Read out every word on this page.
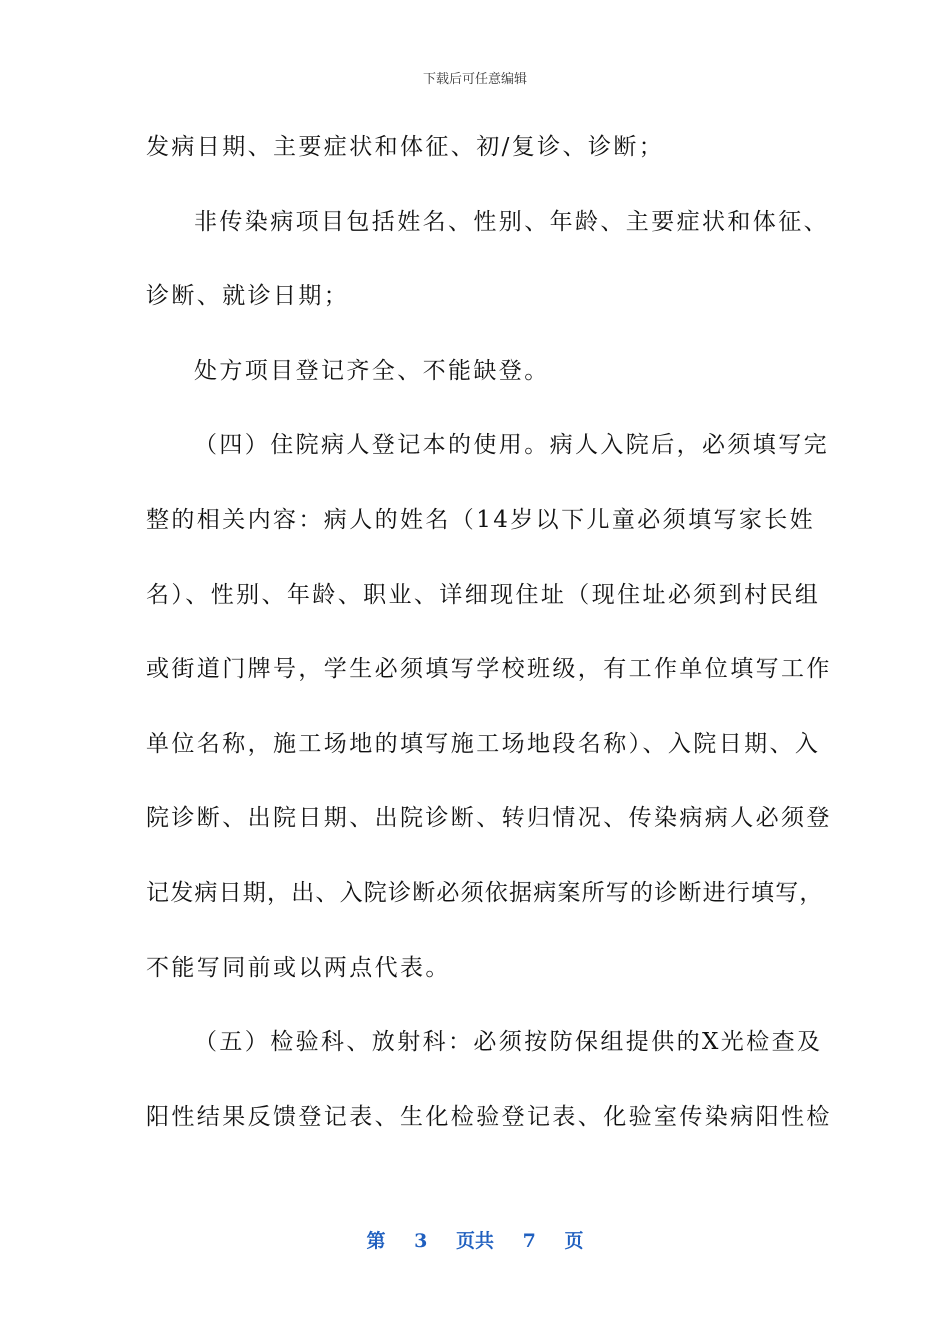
下载后可任意编辑
发病日期、主要症状和体征、初/复诊、诊断；
非传染病项目包括姓名、性别、年龄、主要症状和体征、
诊断、就诊日期；
处方项目登记齐全、不能缺登。
（四）住院病人登记本的使用。病人入院后，必须填写完
整的相关内容：病人的姓名（14岁以下儿童必须填写家长姓
名）、性别、年龄、职业、详细现住址（现住址必须到村民组
或街道门牌号，学生必须填写学校班级，有工作单位填写工作
单位名称，施工场地的填写施工场地段名称）、入院日期、入
院诊断、出院日期、出院诊断、转归情况、传染病病人必须登
记发病日期，出、入院诊断必须依据病案所写的诊断进行填写，
不能写同前或以两点代表。
（五）检验科、放射科：必须按防保组提供的X光检查及
阳性结果反馈登记表、生化检验登记表、化验室传染病阳性检
第 3 页共 7 页
